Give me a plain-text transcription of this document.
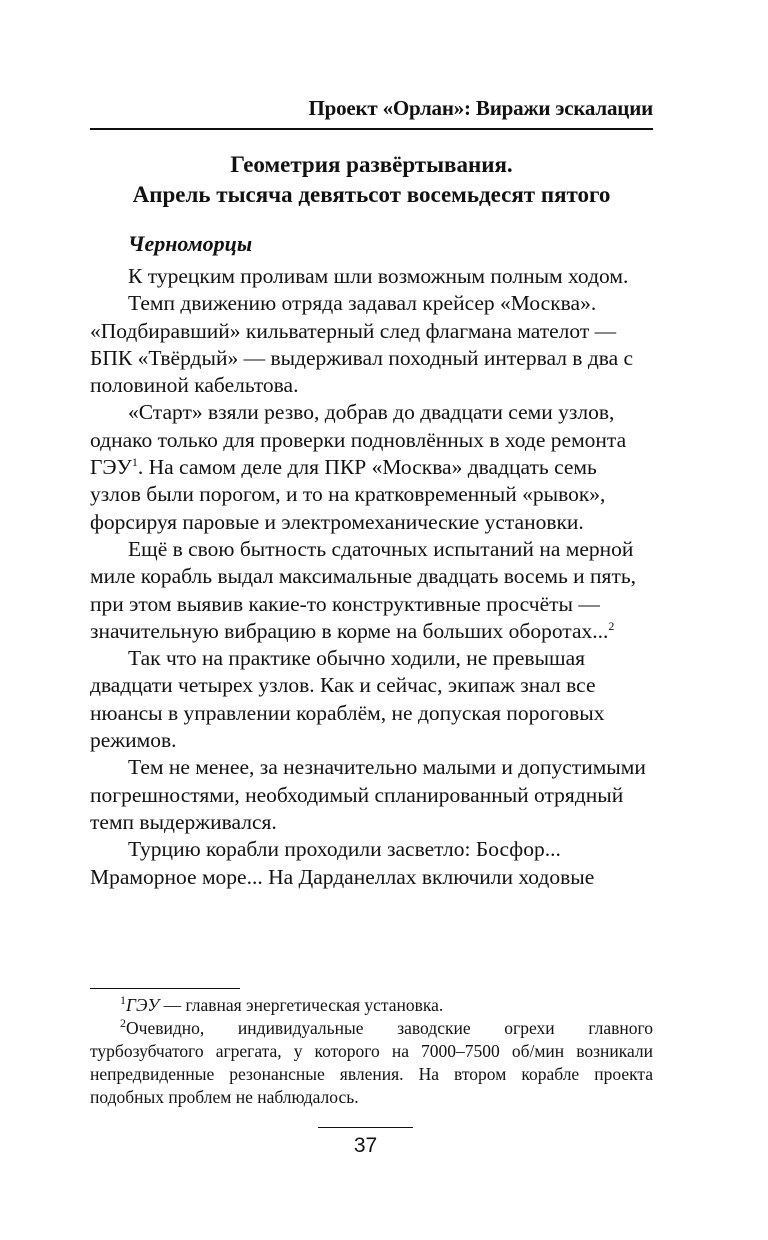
Проект «Орлан»: Виражи эскалации
Геометрия развёртывания.
Апрель тысяча девятьсот восемьдесят пятого
Черноморцы

К турецким проливам шли возможным полным ходом.

Темп движению отряда задавал крейсер «Москва». «Подбиравший» кильватерный след флагмана мателот — БПК «Твёрдый» — выдерживал походный интервал в два с половиной кабельтова.

«Старт» взяли резво, добрав до двадцати семи узлов, однако только для проверки подновлённых в ходе ремонта ГЭУ$^1$. На самом деле для ПКР «Москва» двадцать семь узлов были порогом, и то на кратковременный «рывок», форсируя паровые и электромеханические установки.

Ещё в свою бытность сдаточных испытаний на мерной миле корабль выдал максимальные двадцать восемь и пять, при этом выявив какие-то конструктивные просчёты — значительную вибрацию в корме на больших оборотах...$^2$

Так что на практике обычно ходили, не превышая двадцати четырех узлов. Как и сейчас, экипаж знал все нюансы в управлении кораблём, не допуская пороговых режимов.

Тем не менее, за незначительно малыми и допустимыми погрешностями, необходимый спланированный отрядный темп выдерживался.

Турцию корабли проходили засветло: Босфор... Мраморное море... На Дарданеллах включили ходовые

$^1$ГЭУ — главная энергетическая установка.

$^2$Очевидно, индивидуальные заводские огрехи главного турбозубчатого агрегата, у которого на 7000–7500 об/мин возникали непредвиденные резонансные явления. На втором корабле проекта подобных проблем не наблюдалось.

37
